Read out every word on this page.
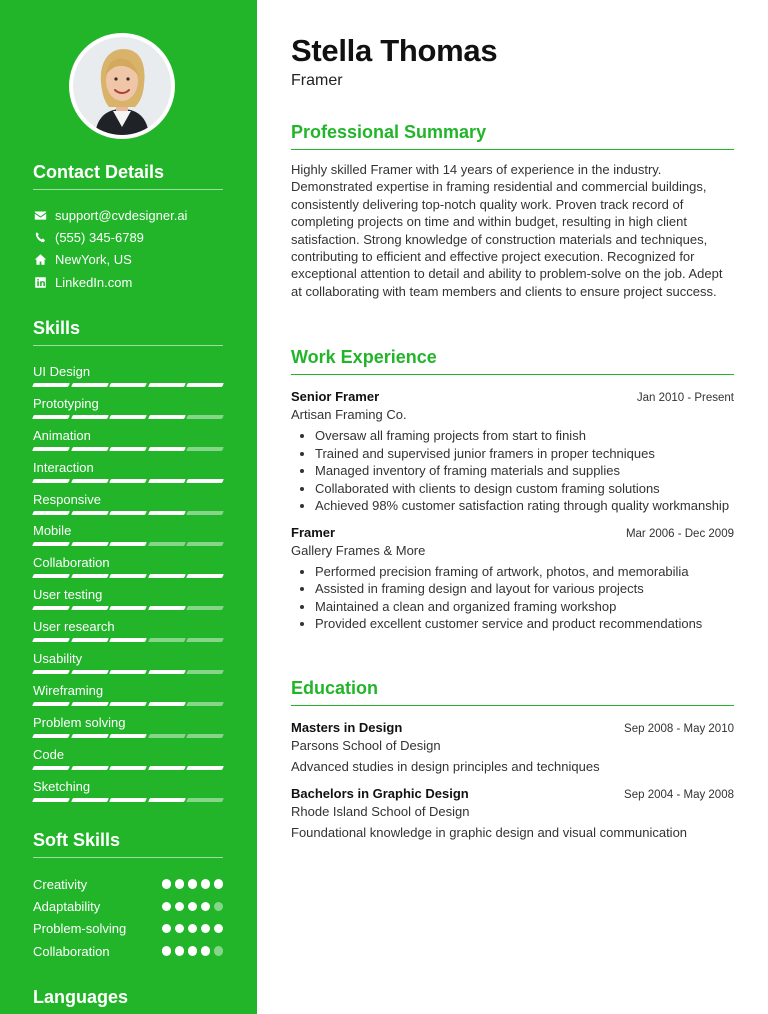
Contact Details
support@cvdesigner.ai
(555) 345-6789
NewYork, US
LinkedIn.com
Skills
UI Design
Prototyping
Animation
Interaction
Responsive
Mobile
Collaboration
User testing
User research
Usability
Wireframing
Problem solving
Code
Sketching
Soft Skills
Creativity
Adaptability
Problem-solving
Collaboration
Languages
Stella Thomas
Framer
Professional Summary

Highly skilled Framer with 14 years of experience in the industry. Demonstrated expertise in framing residential and commercial buildings, consistently delivering top-notch quality work. Proven track record of completing projects on time and within budget, resulting in high client satisfaction. Strong knowledge of construction materials and techniques, contributing to efficient and effective project execution. Recognized for exceptional attention to detail and ability to problem-solve on the job. Adept at collaborating with team members and clients to ensure project success.

Work Experience
Senior Framer	Jan 2010 - Present
Artisan Framing Co.
• Oversaw all framing projects from start to finish
• Trained and supervised junior framers in proper techniques
• Managed inventory of framing materials and supplies
• Collaborated with clients to design custom framing solutions
• Achieved 98% customer satisfaction rating through quality workmanship
Framer	Mar 2006 - Dec 2009
Gallery Frames & More
• Performed precision framing of artwork, photos, and memorabilia
• Assisted in framing design and layout for various projects
• Maintained a clean and organized framing workshop
• Provided excellent customer service and product recommendations
Education
Masters in Design	Sep 2008 - May 2010
Parsons School of Design
Advanced studies in design principles and techniques
Bachelors in Graphic Design	Sep 2004 - May 2008
Rhode Island School of Design
Foundational knowledge in graphic design and visual communication
